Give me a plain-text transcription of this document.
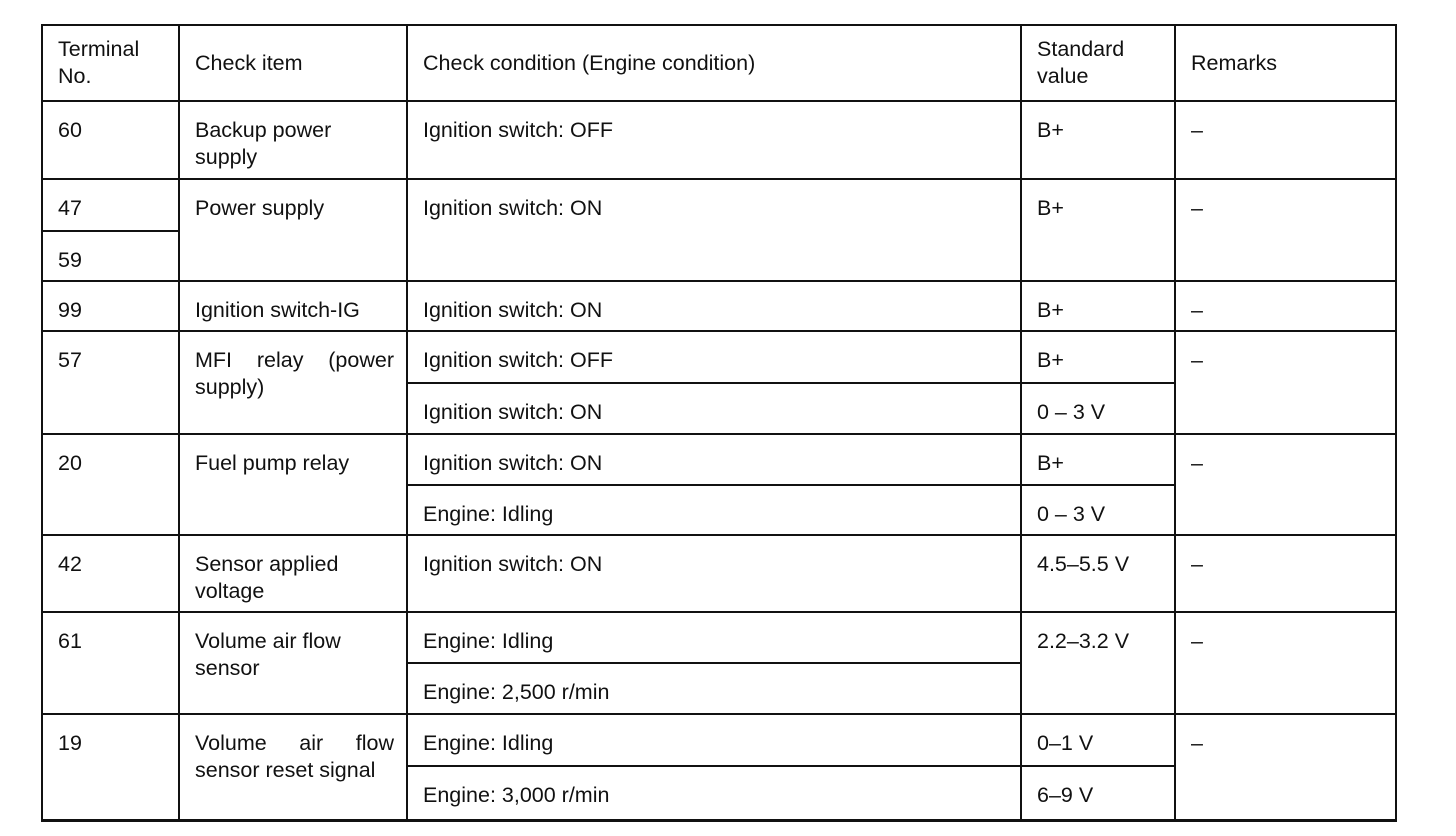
Terminal No.	Check item	Check condition (Engine condition)	Standard value	Remarks
60	Backup power supply	Ignition switch: OFF	B+	–
47	Power supply	Ignition switch: ON	B+	–
59				
99	Ignition switch-IG	Ignition switch: ON	B+	–
57	MFI relay (power supply)	Ignition switch: OFF	B+	–
		Ignition switch: ON	0 – 3 V	
20	Fuel pump relay	Ignition switch: ON	B+	–
		Engine: Idling	0 – 3 V	
42	Sensor applied voltage	Ignition switch: ON	4.5–5.5 V	–
61	Volume air flow sensor	Engine: Idling	2.2–3.2 V	–
		Engine: 2,500 r/min		
19	Volume air flow sensor reset signal	Engine: Idling	0–1 V	–
		Engine: 3,000 r/min	6–9 V	
